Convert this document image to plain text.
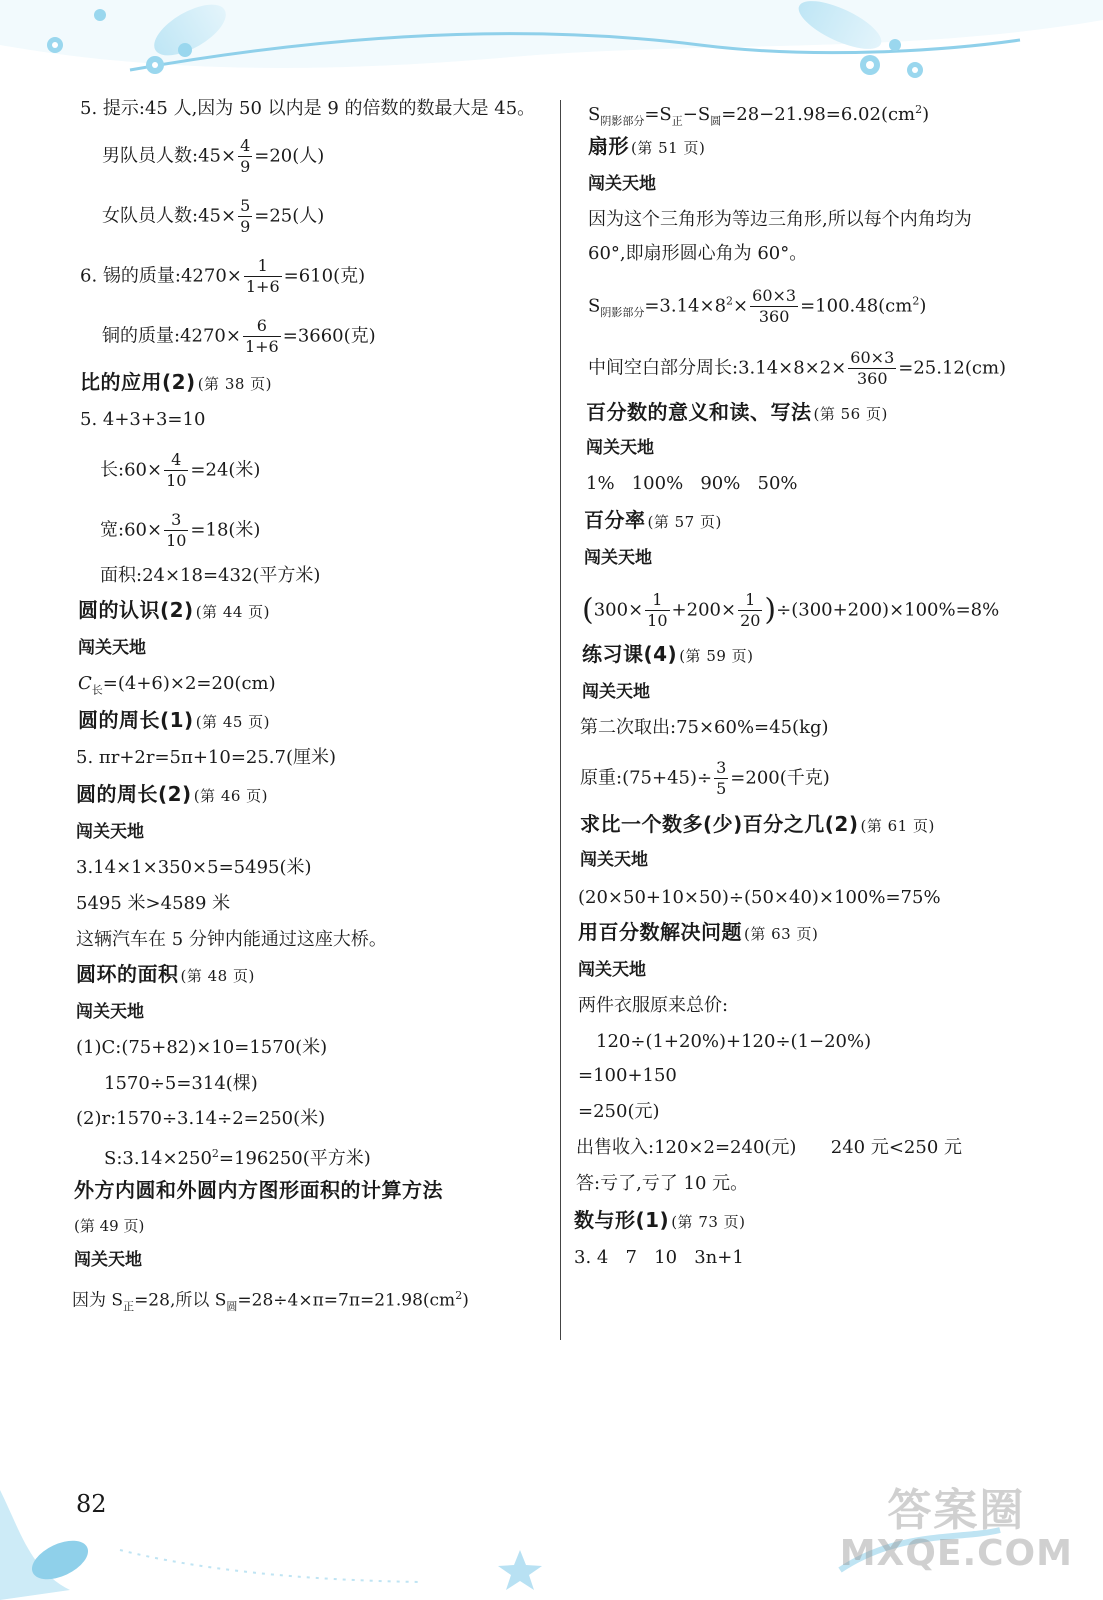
5. 提示:45 人,因为 50 以内是 9 的倍数的数最大是 45。
男队员人数:45× $\frac{4}{9} =20$(人)
女队员人数:45× $\frac{5}{9} =25$(人)
6. 锡的质量:4270× $\frac{1}{1+6} =610$(克)
铜的质量:4270× $\frac{6}{1+6} =3660$(克)
比的应用(2) (第 38 页)
5. 4+3+3=10
长:60× $\frac{4}{10} =24$(米)
宽:60× $\frac{3}{10} =18$(米)
面积:24×18=432(平方米)
圆的认识(2) (第 44 页)
闯关天地
$C_长=(4+6)\times 2=20(cm)$
圆的周长(1) (第 45 页)
5. πr+2r=5π+10=25.7(厘米)
圆的周长(2) (第 46 页)
闯关天地
3.14×1×350×5=5495(米)
5495 米>4589 米
这辆汽车在 5 分钟内能通过这座大桥。
圆环的面积 (第 48 页)
闯关天地
(1)C:(75+82)×10=1570(米)
1570÷5=314(棵)
(2)r:1570÷3.14÷2=250(米)
$S:3.14\times 250^2=196250$(平方米)
外方内圆和外圆内方图形面积的计算方法
(第 49 页)
闯关天地
因为 $S_正=28$,所以 $S_圆=28\div 4\times\pi=7\pi=21.98(cm^2)$
$S_{阴影部分}=S_正-S_圆=28-21.98=6.02(cm^2)$
扇形 (第 51 页)
闯关天地
因为这个三角形为等边三角形,所以每个内角均为
60°,即扇形圆心角为 60°。
$S_{阴影部分}=3.14\times 8^2\times \frac{60\times 3}{360} =100.48(cm^2)$
中间空白部分周长:3.14×8×2× $\frac{60\times 3}{360} =25.12(cm)$
百分数的意义和读、写法 (第 56 页)
闯关天地
1%   100%   90%   50%
百分率 (第 57 页)
闯关天地
$(300\times \frac{1}{10} +200\times \frac{1}{20} )\div(300+200)\times 100\%=8\%$
练习课(4) (第 59 页)
闯关天地
第二次取出:75×60%=45(kg)
原重:(75+45)÷ $\frac{3}{5} =200$(千克)
求比一个数多(少)百分之几(2) (第 61 页)
闯关天地
(20×50+10×50)÷(50×40)×100%=75%
用百分数解决问题 (第 63 页)
闯关天地
两件衣服原来总价:
120÷(1+20%)+120÷(1−20%)
=100+150
=250(元)
出售收入:120×2=240(元)      240 元<250 元
答:亏了,亏了 10 元。
数与形(1) (第 73 页)
3. 4   7   10   3n+1
82	答案圈
MXQE.COM
